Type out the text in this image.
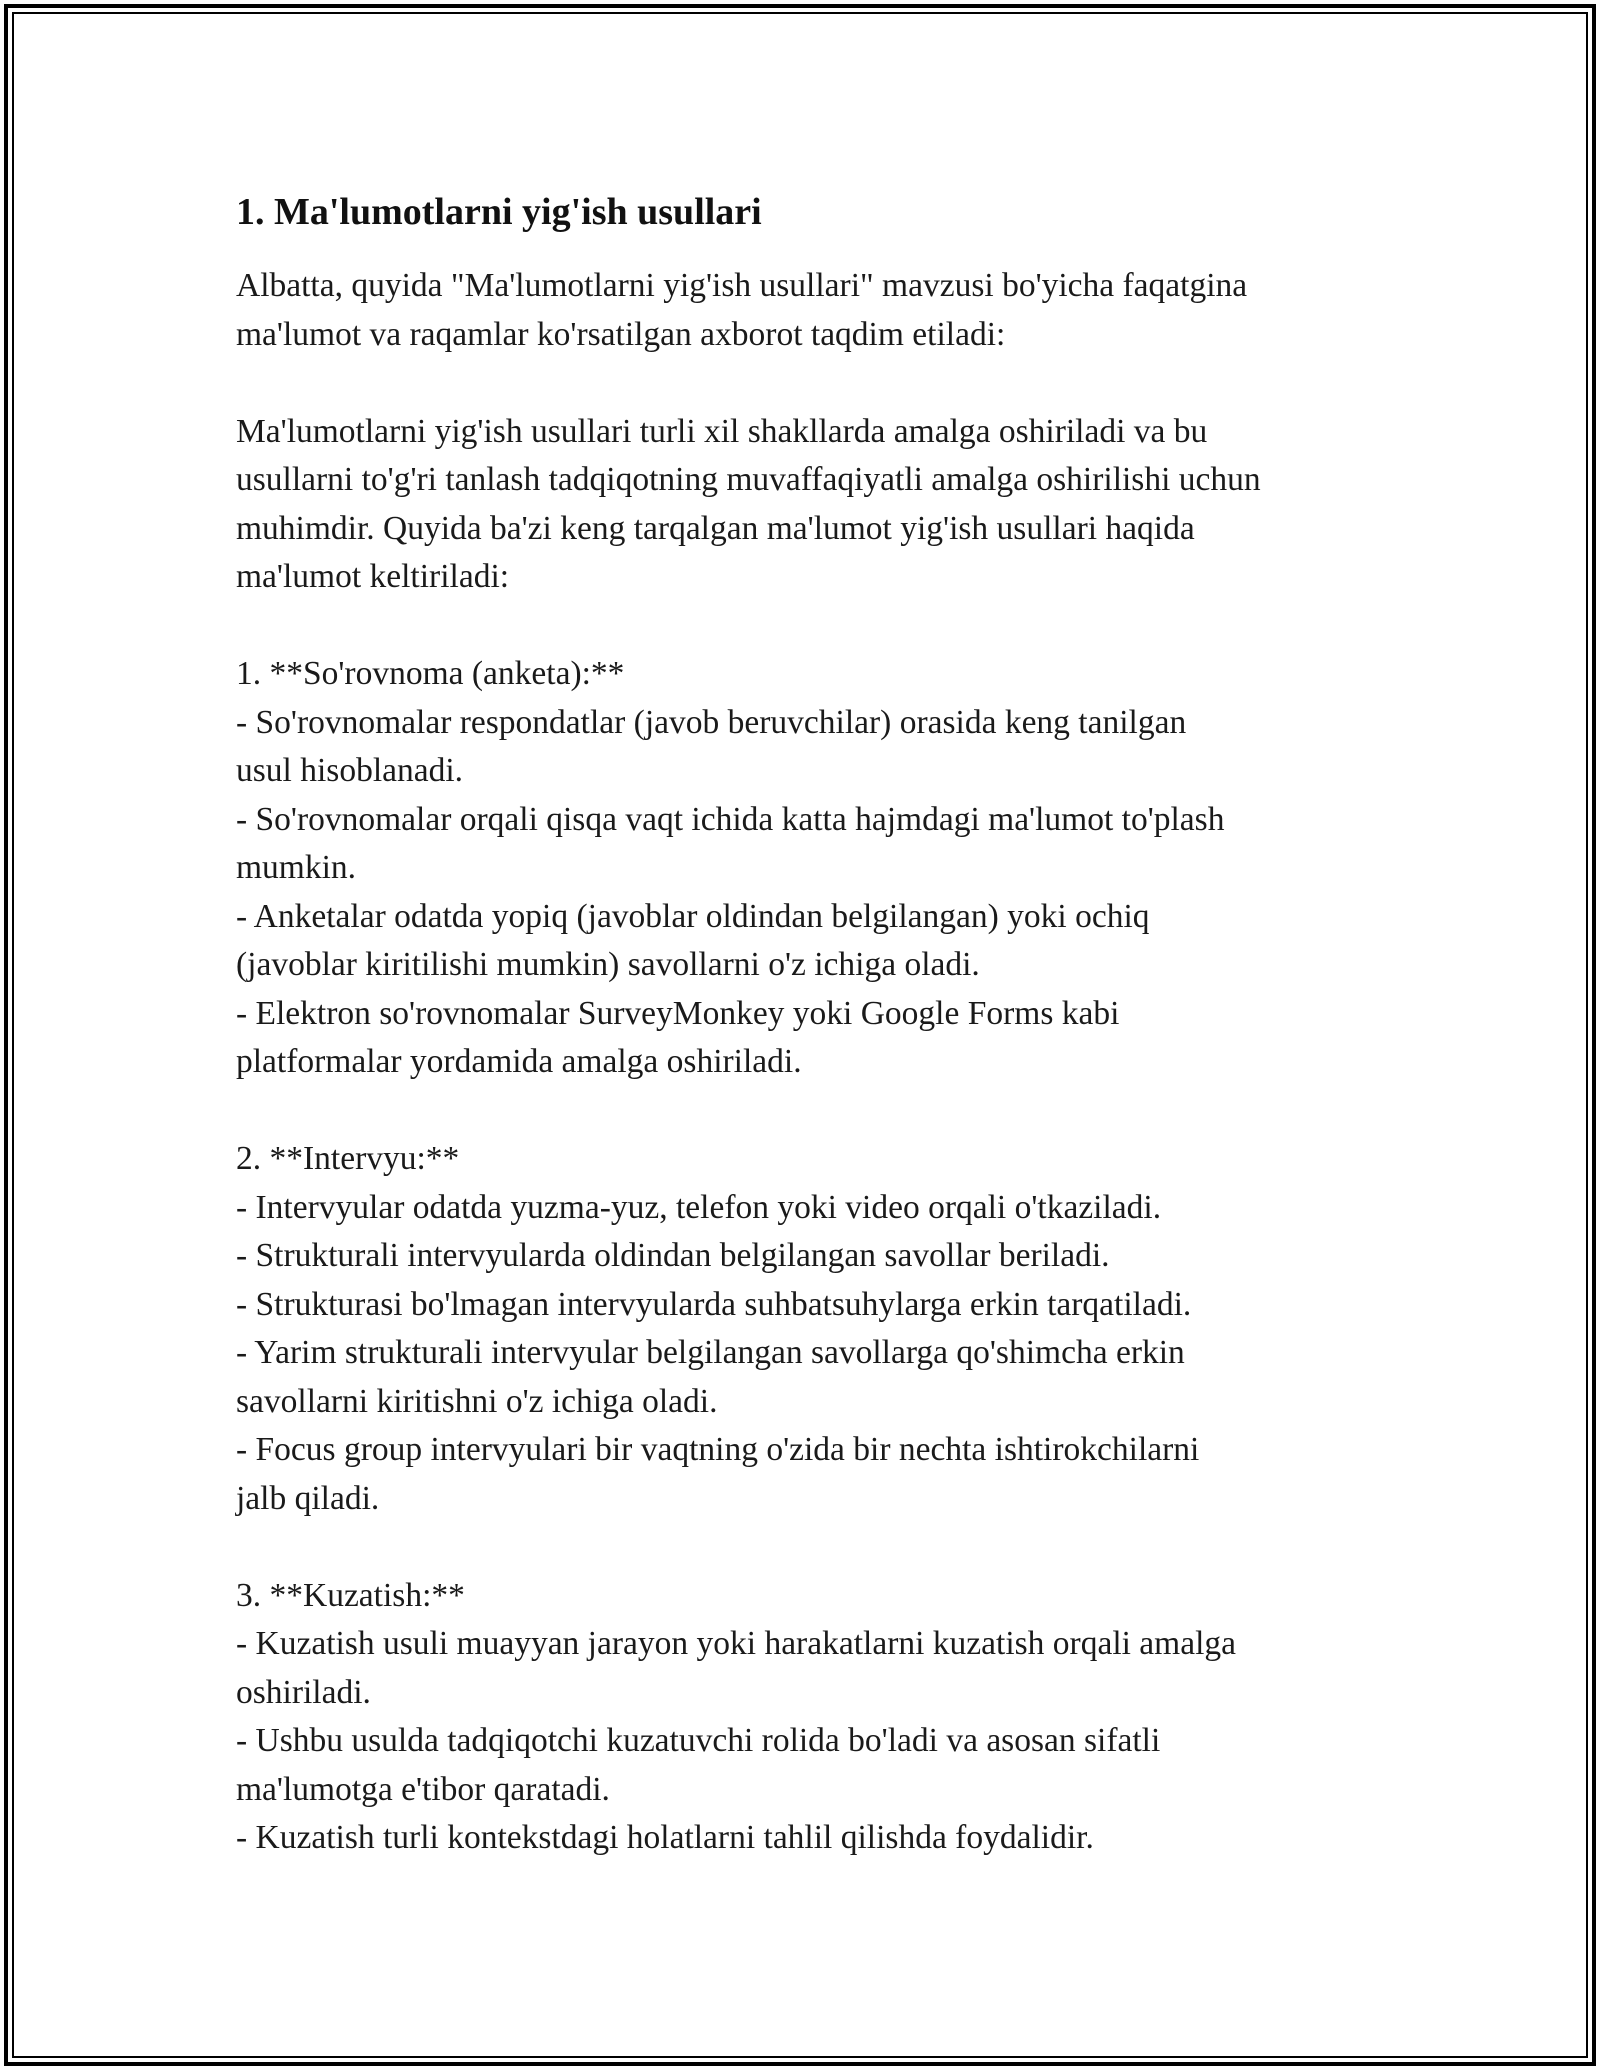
1. Ma'lumotlarni yig'ish usullari

Albatta, quyida "Ma'lumotlarni yig'ish usullari" mavzusi bo'yicha faqatgina
ma'lumot va raqamlar ko'rsatilgan axborot taqdim etiladi:

Ma'lumotlarni yig'ish usullari turli xil shakllarda amalga oshiriladi va bu
usullarni to'g'ri tanlash tadqiqotning muvaffaqiyatli amalga oshirilishi uchun
muhimdir. Quyida ba'zi keng tarqalgan ma'lumot yig'ish usullari haqida
ma'lumot keltiriladi:

1. **So'rovnoma (anketa):**
- So'rovnomalar respondatlar (javob beruvchilar) orasida keng tanilgan
usul hisoblanadi.
- So'rovnomalar orqali qisqa vaqt ichida katta hajmdagi ma'lumot to'plash
mumkin.
- Anketalar odatda yopiq (javoblar oldindan belgilangan) yoki ochiq
(javoblar kiritilishi mumkin) savollarni o'z ichiga oladi.
- Elektron so'rovnomalar SurveyMonkey yoki Google Forms kabi
platformalar yordamida amalga oshiriladi.

2. **Intervyu:**
- Intervyular odatda yuzma-yuz, telefon yoki video orqali o'tkaziladi.
- Strukturali intervyularda oldindan belgilangan savollar beriladi.
- Strukturasi bo'lmagan intervyularda suhbatsuhylarga erkin tarqatiladi.
- Yarim strukturali intervyular belgilangan savollarga qo'shimcha erkin
savollarni kiritishni o'z ichiga oladi.
- Focus group intervyulari bir vaqtning o'zida bir nechta ishtirokchilarni
jalb qiladi.

3. **Kuzatish:**
- Kuzatish usuli muayyan jarayon yoki harakatlarni kuzatish orqali amalga
oshiriladi.
- Ushbu usulda tadqiqotchi kuzatuvchi rolida bo'ladi va asosan sifatli
ma'lumotga e'tibor qaratadi.
- Kuzatish turli kontekstdagi holatlarni tahlil qilishda foydalidir.
